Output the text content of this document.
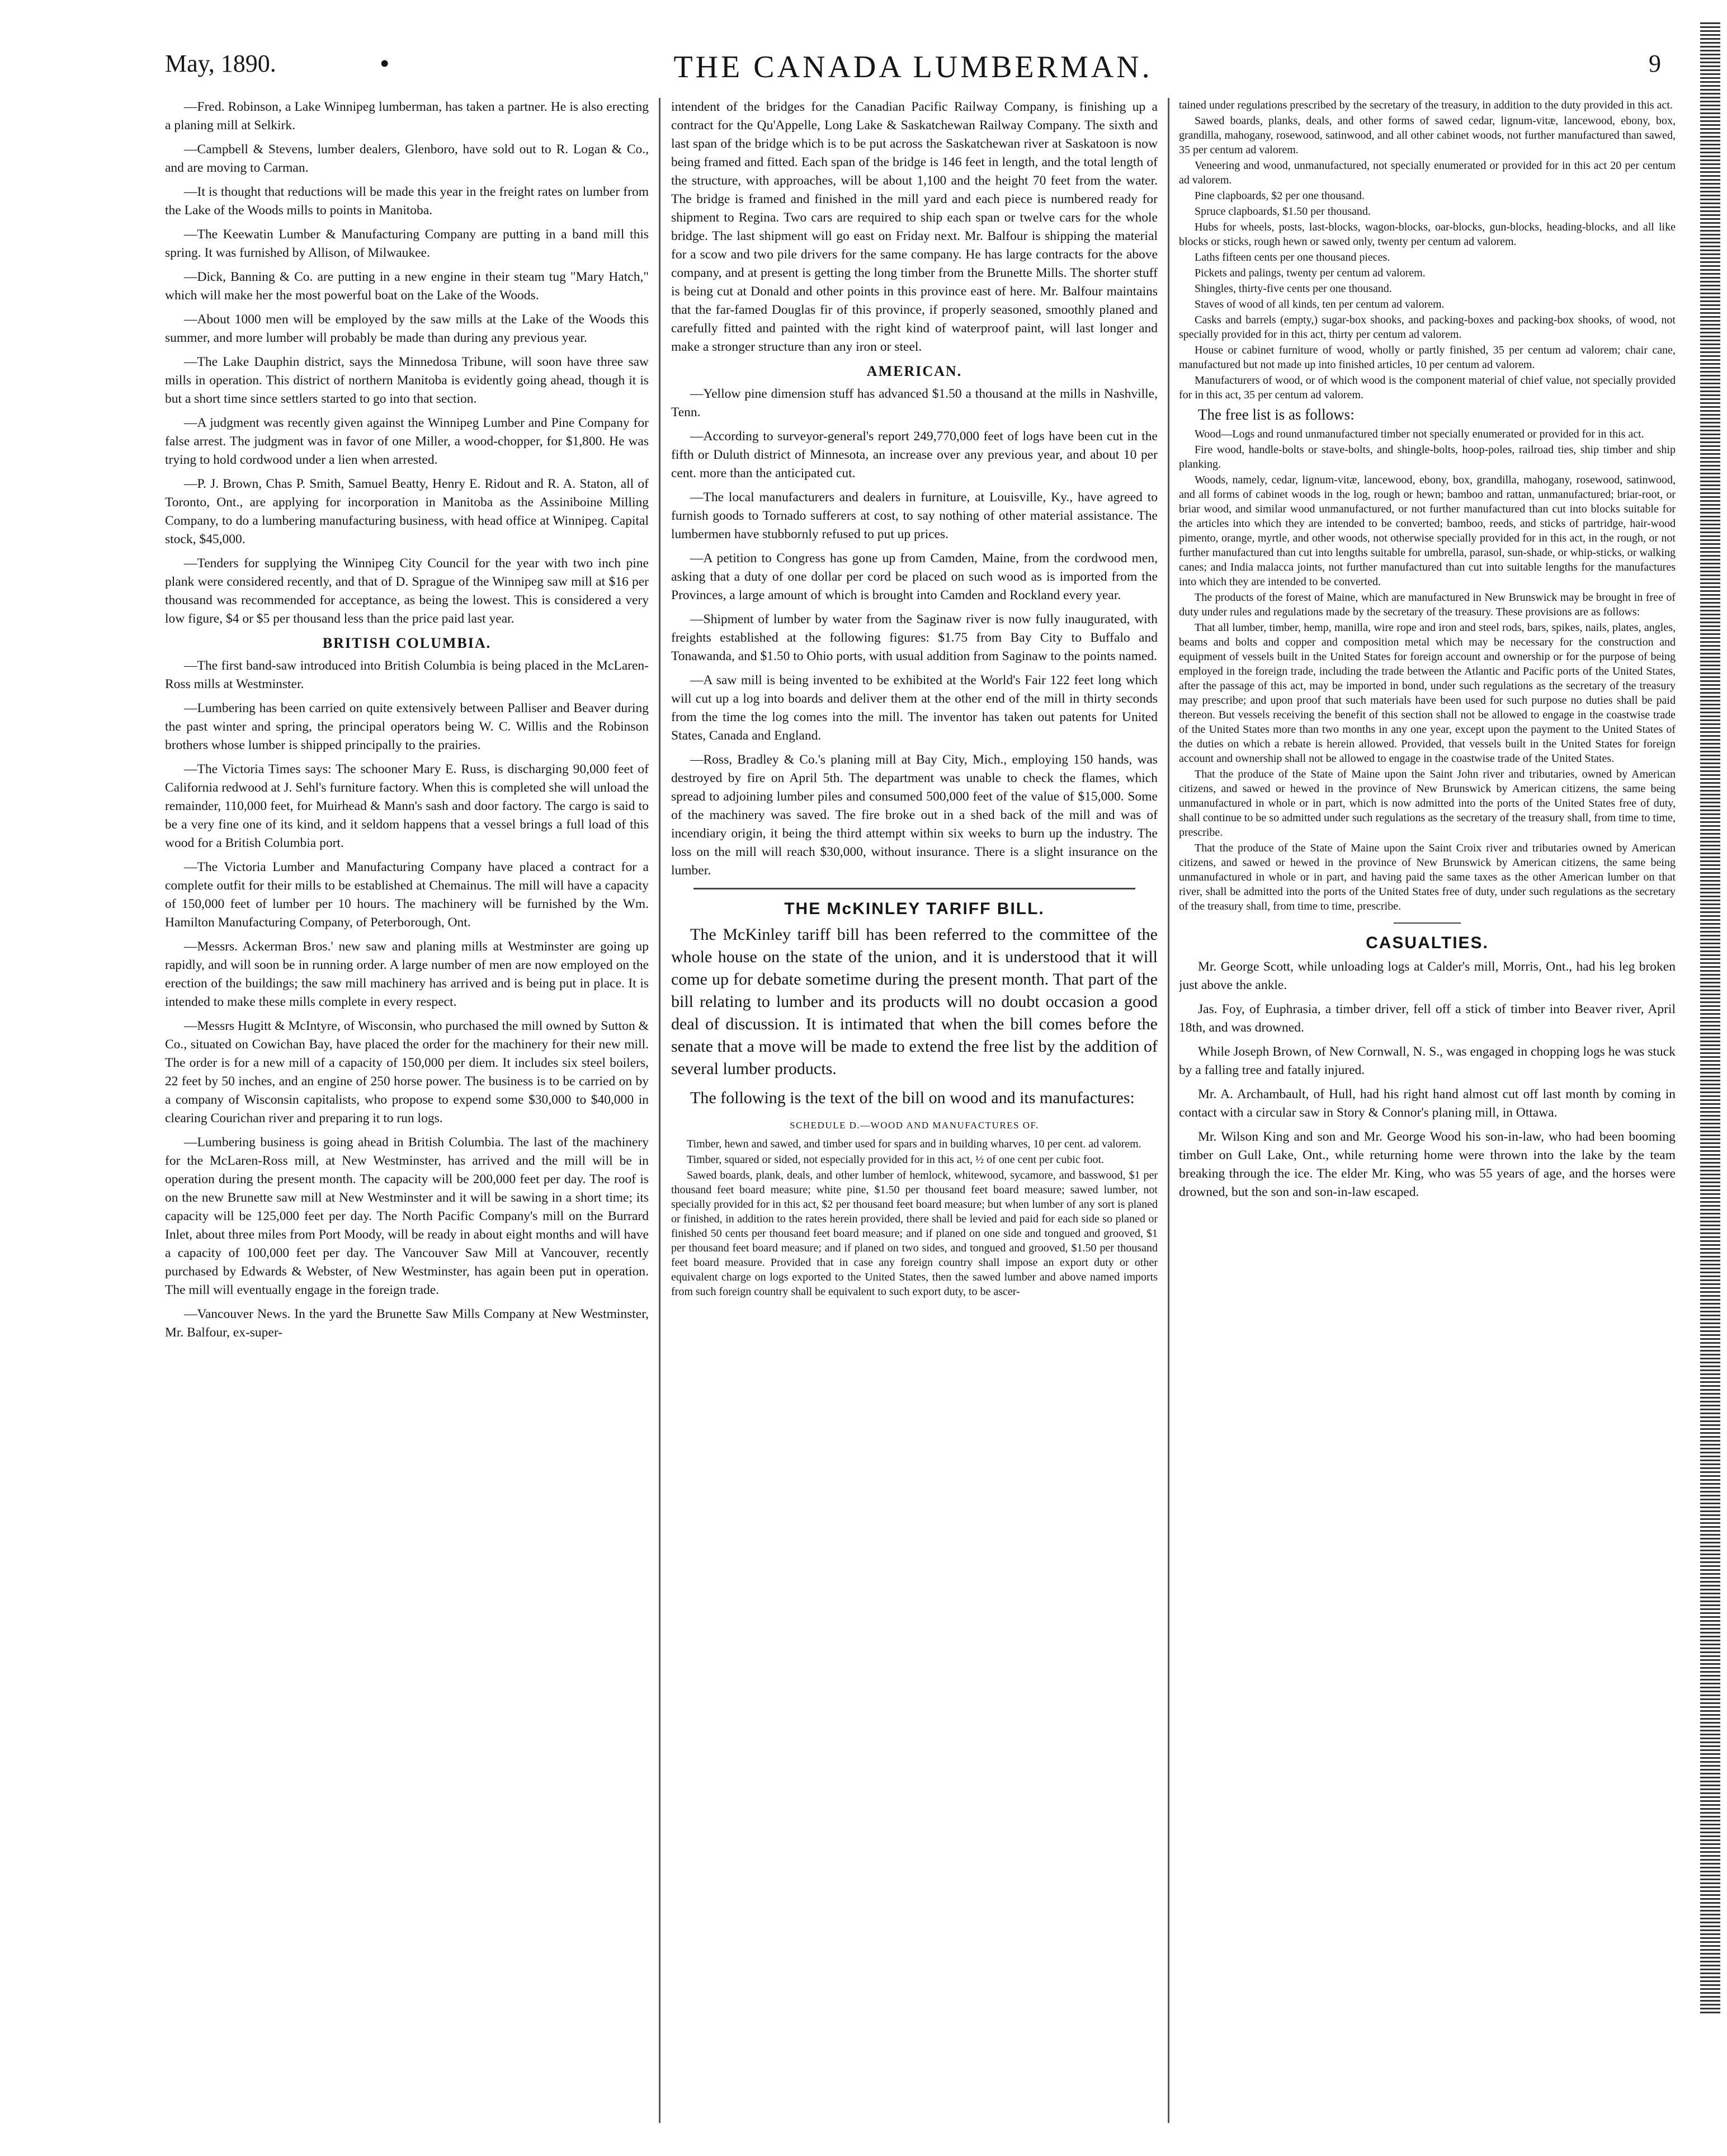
May, 1890.	•	THE CANADA LUMBERMAN.	9

—Fred. Robinson, a Lake Winnipeg lumberman, has taken a partner. He is also erecting a planing mill at Selkirk.

—Campbell & Stevens, lumber dealers, Glenboro, have sold out to R. Logan & Co., and are moving to Carman.

—It is thought that reductions will be made this year in the freight rates on lumber from the Lake of the Woods mills to points in Manitoba.

—The Keewatin Lumber & Manufacturing Company are putting in a band mill this spring. It was furnished by Allison, of Milwaukee.

—Dick, Banning & Co. are putting in a new engine in their steam tug "Mary Hatch," which will make her the most powerful boat on the Lake of the Woods.

—About 1000 men will be employed by the saw mills at the Lake of the Woods this summer, and more lumber will probably be made than during any previous year.

—The Lake Dauphin district, says the Minnedosa Tribune, will soon have three saw mills in operation. This district of northern Manitoba is evidently going ahead, though it is but a short time since settlers started to go into that section.

—A judgment was recently given against the Winnipeg Lumber and Pine Company for false arrest. The judgment was in favor of one Miller, a wood-chopper, for $1,800. He was trying to hold cordwood under a lien when arrested.

—P. J. Brown, Chas P. Smith, Samuel Beatty, Henry E. Ridout and R. A. Staton, all of Toronto, Ont., are applying for incorporation in Manitoba as the Assiniboine Milling Company, to do a lumbering manufacturing business, with head office at Winnipeg. Capital stock, $45,000.

—Tenders for supplying the Winnipeg City Council for the year with two inch pine plank were considered recently, and that of D. Sprague of the Winnipeg saw mill at $16 per thousand was recommended for acceptance, as being the lowest. This is considered a very low figure, $4 or $5 per thousand less than the price paid last year.

BRITISH COLUMBIA.

—The first band-saw introduced into British Columbia is being placed in the McLaren-Ross mills at Westminster.

—Lumbering has been carried on quite extensively between Palliser and Beaver during the past winter and spring, the principal operators being W. C. Willis and the Robinson brothers whose lumber is shipped principally to the prairies.

—The Victoria Times says: The schooner Mary E. Russ, is discharging 90,000 feet of California redwood at J. Sehl's furniture factory. When this is completed she will unload the remainder, 110,000 feet, for Muirhead & Mann's sash and door factory. The cargo is said to be a very fine one of its kind, and it seldom happens that a vessel brings a full load of this wood for a British Columbia port.

—The Victoria Lumber and Manufacturing Company have placed a contract for a complete outfit for their mills to be established at Chemainus. The mill will have a capacity of 150,000 feet of lumber per 10 hours. The machinery will be furnished by the Wm. Hamilton Manufacturing Company, of Peterborough, Ont.

—Messrs. Ackerman Bros.' new saw and planing mills at Westminster are going up rapidly, and will soon be in running order. A large number of men are now employed on the erection of the buildings; the saw mill machinery has arrived and is being put in place. It is intended to make these mills complete in every respect.

—Messrs Hugitt & McIntyre, of Wisconsin, who purchased the mill owned by Sutton & Co., situated on Cowichan Bay, have placed the order for the machinery for their new mill. The order is for a new mill of a capacity of 150,000 per diem. It includes six steel boilers, 22 feet by 50 inches, and an engine of 250 horse power. The business is to be carried on by a company of Wisconsin capitalists, who propose to expend some $30,000 to $40,000 in clearing Courichan river and preparing it to run logs.

—Lumbering business is going ahead in British Columbia. The last of the machinery for the McLaren-Ross mill, at New Westminster, has arrived and the mill will be in operation during the present month. The capacity will be 200,000 feet per day. The roof is on the new Brunette saw mill at New Westminster and it will be sawing in a short time; its capacity will be 125,000 feet per day. The North Pacific Company's mill on the Burrard Inlet, about three miles from Port Moody, will be ready in about eight months and will have a capacity of 100,000 feet per day. The Vancouver Saw Mill at Vancouver, recently purchased by Edwards & Webster, of New Westminster, has again been put in operation. The mill will eventually engage in the foreign trade.

—Vancouver News. In the yard the Brunette Saw Mills Company at New Westminster, Mr. Balfour, ex-super-

intendent of the bridges for the Canadian Pacific Railway Company, is finishing up a contract for the Qu'Appelle, Long Lake & Saskatchewan Railway Company. The sixth and last span of the bridge which is to be put across the Saskatchewan river at Saskatoon is now being framed and fitted. Each span of the bridge is 146 feet in length, and the total length of the structure, with approaches, will be about 1,100 and the height 70 feet from the water. The bridge is framed and finished in the mill yard and each piece is numbered ready for shipment to Regina. Two cars are required to ship each span or twelve cars for the whole bridge. The last shipment will go east on Friday next. Mr. Balfour is shipping the material for a scow and two pile drivers for the same company. He has large contracts for the above company, and at present is getting the long timber from the Brunette Mills. The shorter stuff is being cut at Donald and other points in this province east of here. Mr. Balfour maintains that the far-famed Douglas fir of this province, if properly seasoned, smoothly planed and carefully fitted and painted with the right kind of waterproof paint, will last longer and make a stronger structure than any iron or steel.

AMERICAN.

—Yellow pine dimension stuff has advanced $1.50 a thousand at the mills in Nashville, Tenn.

—According to surveyor-general's report 249,770,000 feet of logs have been cut in the fifth or Duluth district of Minnesota, an increase over any previous year, and about 10 per cent. more than the anticipated cut.

—The local manufacturers and dealers in furniture, at Louisville, Ky., have agreed to furnish goods to Tornado sufferers at cost, to say nothing of other material assistance. The lumbermen have stubbornly refused to put up prices.

—A petition to Congress has gone up from Camden, Maine, from the cordwood men, asking that a duty of one dollar per cord be placed on such wood as is imported from the Provinces, a large amount of which is brought into Camden and Rockland every year.

—Shipment of lumber by water from the Saginaw river is now fully inaugurated, with freights established at the following figures: $1.75 from Bay City to Buffalo and Tonawanda, and $1.50 to Ohio ports, with usual addition from Saginaw to the points named.

—A saw mill is being invented to be exhibited at the World's Fair 122 feet long which will cut up a log into boards and deliver them at the other end of the mill in thirty seconds from the time the log comes into the mill. The inventor has taken out patents for United States, Canada and England.

—Ross, Bradley & Co.'s planing mill at Bay City, Mich., employing 150 hands, was destroyed by fire on April 5th. The department was unable to check the flames, which spread to adjoining lumber piles and consumed 500,000 feet of the value of $15,000. Some of the machinery was saved. The fire broke out in a shed back of the mill and was of incendiary origin, it being the third attempt within six weeks to burn up the industry. The loss on the mill will reach $30,000, without insurance. There is a slight insurance on the lumber.

THE McKINLEY TARIFF BILL.

The McKinley tariff bill has been referred to the committee of the whole house on the state of the union, and it is understood that it will come up for debate sometime during the present month. That part of the bill relating to lumber and its products will no doubt occasion a good deal of discussion. It is intimated that when the bill comes before the senate that a move will be made to extend the free list by the addition of several lumber products.

The following is the text of the bill on wood and its manufactures:

SCHEDULE D.—WOOD AND MANUFACTURES OF.

Timber, hewn and sawed, and timber used for spars and in building wharves, 10 per cent. ad valorem.

Timber, squared or sided, not especially provided for in this act, ½ of one cent per cubic foot.

Sawed boards, plank, deals, and other lumber of hemlock, whitewood, sycamore, and basswood, $1 per thousand feet board measure; white pine, $1.50 per thousand feet board measure; sawed lumber, not specially provided for in this act, $2 per thousand feet board measure; but when lumber of any sort is planed or finished, in addition to the rates herein provided, there shall be levied and paid for each side so planed or finished 50 cents per thousand feet board measure; and if planed on one side and tongued and grooved, $1 per thousand feet board measure; and if planed on two sides, and tongued and grooved, $1.50 per thousand feet board measure. Provided that in case any foreign country shall impose an export duty or other equivalent charge on logs exported to the United States, then the sawed lumber and above named imports from such foreign country shall be equivalent to such export duty, to be ascer-

tained under regulations prescribed by the secretary of the treasury, in addition to the duty provided in this act.

Sawed boards, planks, deals, and other forms of sawed cedar, lignum-vitæ, lancewood, ebony, box, grandilla, mahogany, rosewood, satinwood, and all other cabinet woods, not further manufactured than sawed, 35 per centum ad valorem.

Veneering and wood, unmanufactured, not specially enumerated or provided for in this act 20 per centum ad valorem.

Pine clapboards, $2 per one thousand.

Spruce clapboards, $1.50 per thousand.

Hubs for wheels, posts, last-blocks, wagon-blocks, oar-blocks, gun-blocks, heading-blocks, and all like blocks or sticks, rough hewn or sawed only, twenty per centum ad valorem.

Laths fifteen cents per one thousand pieces.

Pickets and palings, twenty per centum ad valorem.

Shingles, thirty-five cents per one thousand.

Staves of wood of all kinds, ten per centum ad valorem.

Casks and barrels (empty,) sugar-box shooks, and packing-boxes and packing-box shooks, of wood, not specially provided for in this act, thirty per centum ad valorem.

House or cabinet furniture of wood, wholly or partly finished, 35 per centum ad valorem; chair cane, manufactured but not made up into finished articles, 10 per centum ad valorem.

Manufacturers of wood, or of which wood is the component material of chief value, not specially provided for in this act, 35 per centum ad valorem.

The free list is as follows:

Wood—Logs and round unmanufactured timber not specially enumerated or provided for in this act.

Fire wood, handle-bolts or stave-bolts, and shingle-bolts, hoop-poles, railroad ties, ship timber and ship planking.

Woods, namely, cedar, lignum-vitæ, lancewood, ebony, box, grandilla, mahogany, rosewood, satinwood, and all forms of cabinet woods in the log, rough or hewn; bamboo and rattan, unmanufactured; briar-root, or briar wood, and similar wood unmanufactured, or not further manufactured than cut into blocks suitable for the articles into which they are intended to be converted; bamboo, reeds, and sticks of partridge, hair-wood pimento, orange, myrtle, and other woods, not otherwise specially provided for in this act, in the rough, or not further manufactured than cut into lengths suitable for umbrella, parasol, sun-shade, or whip-sticks, or walking canes; and India malacca joints, not further manufactured than cut into suitable lengths for the manufactures into which they are intended to be converted.

The products of the forest of Maine, which are manufactured in New Brunswick may be brought in free of duty under rules and regulations made by the secretary of the treasury. These provisions are as follows:

That all lumber, timber, hemp, manilla, wire rope and iron and steel rods, bars, spikes, nails, plates, angles, beams and bolts and copper and composition metal which may be necessary for the construction and equipment of vessels built in the United States for foreign account and ownership or for the purpose of being employed in the foreign trade, including the trade between the Atlantic and Pacific ports of the United States, after the passage of this act, may be imported in bond, under such regulations as the secretary of the treasury may prescribe; and upon proof that such materials have been used for such purpose no duties shall be paid thereon. But vessels receiving the benefit of this section shall not be allowed to engage in the coastwise trade of the United States more than two months in any one year, except upon the payment to the United States of the duties on which a rebate is herein allowed. Provided, that vessels built in the United States for foreign account and ownership shall not be allowed to engage in the coastwise trade of the United States.

That the produce of the State of Maine upon the Saint John river and tributaries, owned by American citizens, and sawed or hewed in the province of New Brunswick by American citizens, the same being unmanufactured in whole or in part, which is now admitted into the ports of the United States free of duty, shall continue to be so admitted under such regulations as the secretary of the treasury shall, from time to time, prescribe.

That the produce of the State of Maine upon the Saint Croix river and tributaries owned by American citizens, and sawed or hewed in the province of New Brunswick by American citizens, the same being unmanufactured in whole or in part, and having paid the same taxes as the other American lumber on that river, shall be admitted into the ports of the United States free of duty, under such regulations as the secretary of the treasury shall, from time to time, prescribe.

CASUALTIES.

Mr. George Scott, while unloading logs at Calder's mill, Morris, Ont., had his leg broken just above the ankle.

Jas. Foy, of Euphrasia, a timber driver, fell off a stick of timber into Beaver river, April 18th, and was drowned.

While Joseph Brown, of New Cornwall, N. S., was engaged in chopping logs he was stuck by a falling tree and fatally injured.

Mr. A. Archambault, of Hull, had his right hand almost cut off last month by coming in contact with a circular saw in Story & Connor's planing mill, in Ottawa.

Mr. Wilson King and son and Mr. George Wood his son-in-law, who had been booming timber on Gull Lake, Ont., while returning home were thrown into the lake by the team breaking through the ice. The elder Mr. King, who was 55 years of age, and the horses were drowned, but the son and son-in-law escaped.
